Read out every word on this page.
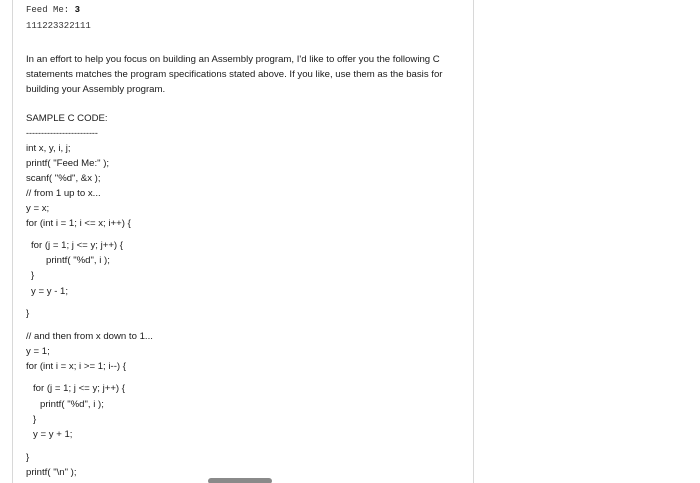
Feed Me: 3
111223322111
In an effort to help you focus on building an Assembly program, I'd like to offer you the following C statements matches the program specifications stated above. If you like, use them as the basis for building your Assembly program.
SAMPLE C CODE:
------------------------
int x, y, i, j;
printf( "Feed Me:" );
scanf( "%d", &x );
// from 1 up to x...
y = x;
for (int i = 1; i <= x; i++) {
for (j = 1; j <= y; j++) {
printf( "%d", i );
}
y = y - 1;
}
// and then from x down to 1...
y = 1;
for (int i = x; i >= 1; i--) {
for (j = 1; j <= y; j++) {
printf( "%d", i );
}
y = y + 1;
}
printf( "\n" );
